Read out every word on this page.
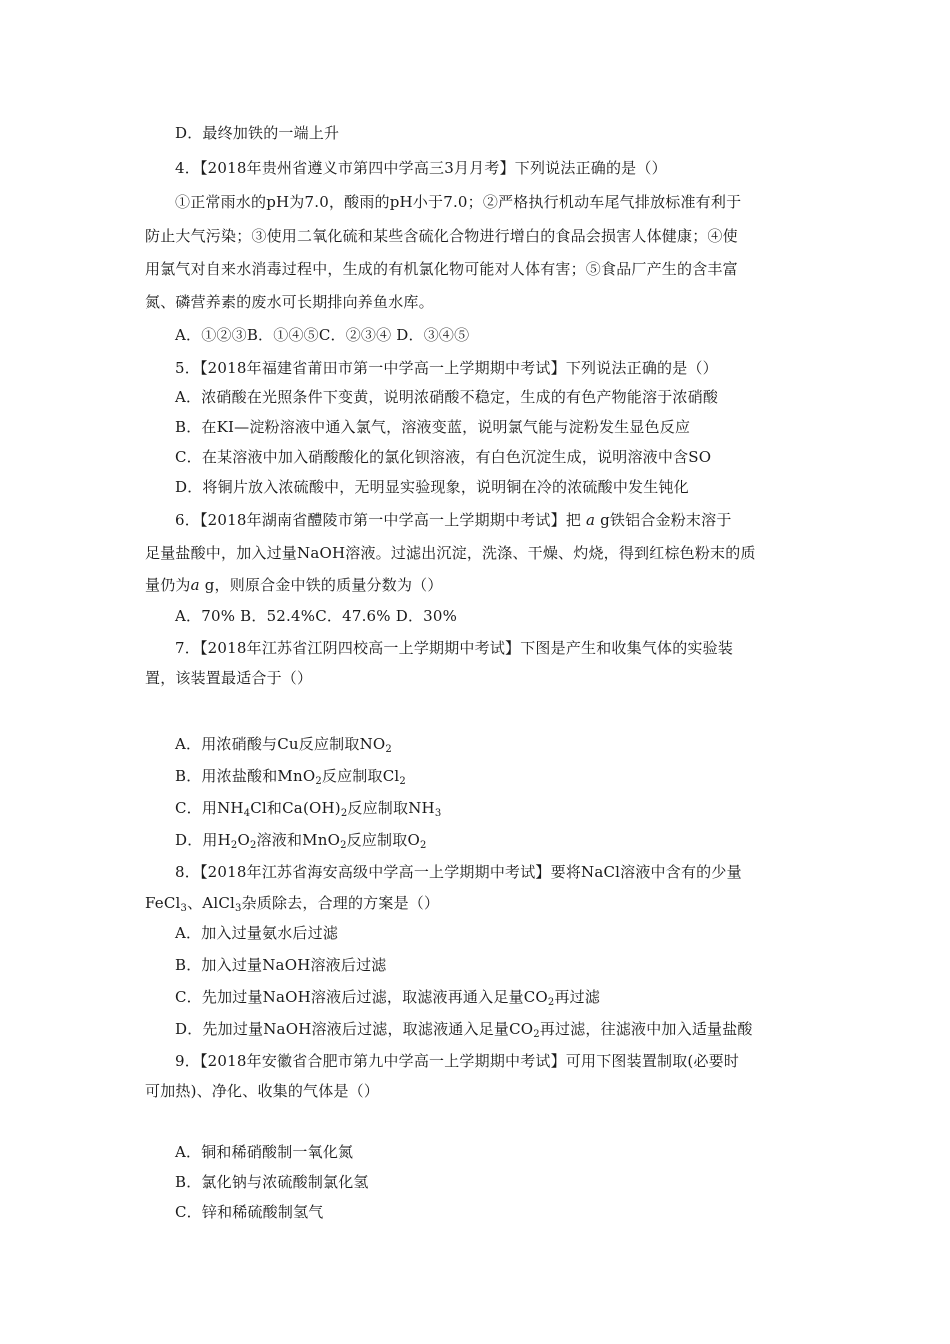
D．最终加铁的一端上升
4．【2018年贵州省遵义市第四中学高三3月月考】下列说法正确的是（）
①正常雨水的pH为7.0，酸雨的pH小于7.0；②严格执行机动车尾气排放标准有利于
防止大气污染；③使用二氧化硫和某些含硫化合物进行增白的食品会损害人体健康；④使
用氯气对自来水消毒过程中，生成的有机氯化物可能对人体有害；⑤食品厂产生的含丰富
氮、磷营养素的废水可长期排向养鱼水库。
A．①②③B．①④⑤C．②③④ D．③④⑤
5．【2018年福建省莆田市第一中学高一上学期期中考试】下列说法正确的是（）
A．浓硝酸在光照条件下变黄，说明浓硝酸不稳定，生成的有色产物能溶于浓硝酸
B．在KI—淀粉溶液中通入氯气，溶液变蓝，说明氯气能与淀粉发生显色反应
C．在某溶液中加入硝酸酸化的氯化钡溶液，有白色沉淀生成，说明溶液中含SO
D．将铜片放入浓硫酸中，无明显实验现象，说明铜在冷的浓硫酸中发生钝化
6．【2018年湖南省醴陵市第一中学高一上学期期中考试】把 a g铁铝合金粉末溶于
足量盐酸中，加入过量NaOH溶液。过滤出沉淀，洗涤、干燥、灼烧，得到红棕色粉末的质
量仍为a g，则原合金中铁的质量分数为（）
A．70% B．52.4%C．47.6% D．30%
7．【2018年江苏省江阴四校高一上学期期中考试】下图是产生和收集气体的实验装
置，该装置最适合于（）
A．用浓硝酸与Cu反应制取$NO_2$
B．用浓盐酸和MnO$_2$反应制取$Cl_2$
C．用$NH_4Cl$和$Ca(OH)_2$反应制取$NH_3$
D．用$H_2O_2$溶液和MnO$_2$反应制取$O_2$
8．【2018年江苏省海安高级中学高一上学期期中考试】要将NaCl溶液中含有的少量
FeCl$_3$、AlCl$_3$杂质除去，合理的方案是（）
A．加入过量氨水后过滤
B．加入过量NaOH溶液后过滤
C．先加过量NaOH溶液后过滤，取滤液再通入足量$CO_2$再过滤
D．先加过量NaOH溶液后过滤，取滤液通入足量$CO_2$再过滤，往滤液中加入适量盐酸
9．【2018年安徽省合肥市第九中学高一上学期期中考试】可用下图装置制取(必要时
可加热)、净化、收集的气体是（）
A．铜和稀硝酸制一氧化氮
B．氯化钠与浓硫酸制氯化氢
C．锌和稀硫酸制氢气
